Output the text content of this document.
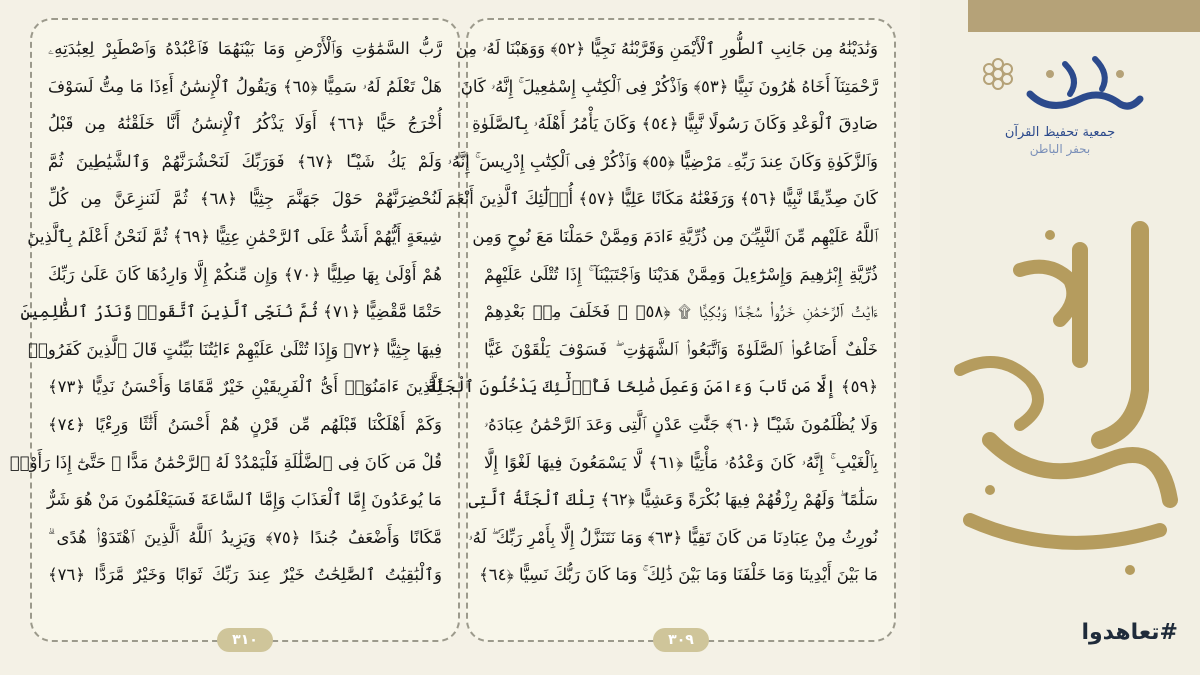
رَّبُّ السَّمَٰوَٰتِ وَٱلْأَرْضِ وَمَا بَيْنَهُمَا فَٱعْبُدْهُ وَٱصْطَبِرْ لِعِبَٰدَتِهِۦ
هَلْ تَعْلَمُ لَهُۥ سَمِيًّا ﴿٦٥﴾ وَيَقُولُ ٱلْإِنسَٰنُ أَءِذَا مَا مِتُّ لَسَوْفَ
أُخْرَجُ حَيًّا ﴿٦٦﴾ أَوَلَا يَذْكُرُ ٱلْإِنسَٰنُ أَنَّا خَلَقْنَٰهُ مِن قَبْلُ
وَلَمْ يَكُ شَيْـًٔا ﴿٦٧﴾ فَوَرَبِّكَ لَنَحْشُرَنَّهُمْ وَٱلشَّيَٰطِينَ ثُمَّ
لَنُحْضِرَنَّهُمْ حَوْلَ جَهَنَّمَ جِثِيًّا ﴿٦٨﴾ ثُمَّ لَنَنزِعَنَّ مِن كُلِّ
شِيعَةٍ أَيُّهُمْ أَشَدُّ عَلَى ٱلرَّحْمَٰنِ عِتِيًّا ﴿٦٩﴾ ثُمَّ لَنَحْنُ أَعْلَمُ بِٱلَّذِينَ
هُمْ أَوْلَىٰ بِهَا صِلِيًّا ﴿٧٠﴾ وَإِن مِّنكُمْ إِلَّا وَارِدُهَا كَانَ عَلَىٰ رَبِّكَ
حَتْمًا مَّقْضِيًّا ﴿٧١﴾ ثُمَّ نُنَجِّى ٱلَّذِينَ ٱتَّقَوا۟ وَّنَذَرُ ٱلظَّٰلِمِينَ
فِيهَا جِثِيًّا ﴿٧٢﴾ وَإِذَا تُتْلَىٰ عَلَيْهِمْ ءَايَٰتُنَا بَيِّنَٰتٍ قَالَ ٱلَّذِينَ كَفَرُوا۟
لِلَّذِينَ ءَامَنُوٓا۟ أَىُّ ٱلْفَرِيقَيْنِ خَيْرٌ مَّقَامًا وَأَحْسَنُ نَدِيًّا ﴿٧٣﴾
وَكَمْ أَهْلَكْنَا قَبْلَهُم مِّن قَرْنٍ هُمْ أَحْسَنُ أَثَٰثًا وَرِءْيًا ﴿٧٤﴾
قُلْ مَن كَانَ فِى ٱلضَّلَٰلَةِ فَلْيَمْدُدْ لَهُ ٱلرَّحْمَٰنُ مَدًّا ۚ حَتَّىٰٓ إِذَا رَأَوْا۟
مَا يُوعَدُونَ إِمَّا ٱلْعَذَابَ وَإِمَّا ٱلسَّاعَةَ فَسَيَعْلَمُونَ مَنْ هُوَ شَرٌّ
مَّكَانًا وَأَضْعَفُ جُندًا ﴿٧٥﴾ وَيَزِيدُ ٱللَّهُ ٱلَّذِينَ ٱهْتَدَوْا۟ هُدًى ۗ
وَٱلْبَٰقِيَٰتُ ٱلصَّٰلِحَٰتُ خَيْرٌ عِندَ رَبِّكَ ثَوَابًا وَخَيْرٌ مَّرَدًّا ﴿٧٦﴾
٣١٠
وَنَٰدَيْنَٰهُ مِن جَانِبِ ٱلطُّورِ ٱلْأَيْمَنِ وَقَرَّبْنَٰهُ نَجِيًّا ﴿٥٢﴾ وَوَهَبْنَا لَهُۥ مِن
رَّحْمَتِنَآ أَخَاهُ هَٰرُونَ نَبِيًّا ﴿٥٣﴾ وَٱذْكُرْ فِى ٱلْكِتَٰبِ إِسْمَٰعِيلَ ۚ إِنَّهُۥ كَانَ
صَادِقَ ٱلْوَعْدِ وَكَانَ رَسُولًا نَّبِيًّا ﴿٥٤﴾ وَكَانَ يَأْمُرُ أَهْلَهُۥ بِٱلصَّلَوٰةِ
وَٱلزَّكَوٰةِ وَكَانَ عِندَ رَبِّهِۦ مَرْضِيًّا ﴿٥٥﴾ وَٱذْكُرْ فِى ٱلْكِتَٰبِ إِدْرِيسَ ۚ إِنَّهُۥ
كَانَ صِدِّيقًا نَّبِيًّا ﴿٥٦﴾ وَرَفَعْنَٰهُ مَكَانًا عَلِيًّا ﴿٥٧﴾ أُو۟لَٰٓئِكَ ٱلَّذِينَ أَنْعَمَ
ٱللَّهُ عَلَيْهِم مِّنَ ٱلنَّبِيِّـۧنَ مِن ذُرِّيَّةِ ءَادَمَ وَمِمَّنْ حَمَلْنَا مَعَ نُوحٍ وَمِن
ذُرِّيَّةِ إِبْرَٰهِيمَ وَإِسْرَٰٓءِيلَ وَمِمَّنْ هَدَيْنَا وَٱجْتَبَيْنَآ ۚ إِذَا تُتْلَىٰ عَلَيْهِمْ
ءَايَٰتُ ٱلرَّحْمَٰنِ خَرُّوا۟ سُجَّدًا وَبُكِيًّا ۩ ﴿٥٨﴾ ۞ فَخَلَفَ مِنۢ بَعْدِهِمْ
خَلْفٌ أَضَاعُوا۟ ٱلصَّلَوٰةَ وَٱتَّبَعُوا۟ ٱلشَّهَوَٰتِ ۖ فَسَوْفَ يَلْقَوْنَ غَيًّا
﴿٥٩﴾ إِلَّا مَن تَابَ وَءَامَنَ وَعَمِلَ صَٰلِحًا فَأُو۟لَٰٓئِكَ يَدْخُلُونَ ٱلْجَنَّةَ
وَلَا يُظْلَمُونَ شَيْـًٔا ﴿٦٠﴾ جَنَّٰتِ عَدْنٍ ٱلَّتِى وَعَدَ ٱلرَّحْمَٰنُ عِبَادَهُۥ
بِٱلْغَيْبِ ۚ إِنَّهُۥ كَانَ وَعْدُهُۥ مَأْتِيًّا ﴿٦١﴾ لَّا يَسْمَعُونَ فِيهَا لَغْوًا إِلَّا
سَلَٰمًا ۖ وَلَهُمْ رِزْقُهُمْ فِيهَا بُكْرَةً وَعَشِيًّا ﴿٦٢﴾ تِلْكَ ٱلْجَنَّةُ ٱلَّتِى
نُورِثُ مِنْ عِبَادِنَا مَن كَانَ تَقِيًّا ﴿٦٣﴾ وَمَا نَتَنَزَّلُ إِلَّا بِأَمْرِ رَبِّكَ ۖ لَهُۥ
مَا بَيْنَ أَيْدِينَا وَمَا خَلْفَنَا وَمَا بَيْنَ ذَٰلِكَ ۚ وَمَا كَانَ رَبُّكَ نَسِيًّا ﴿٦٤﴾
٣٠٩
جمعية تحفيظ القرآن
بحفر الباطن
#تعاهدوا
